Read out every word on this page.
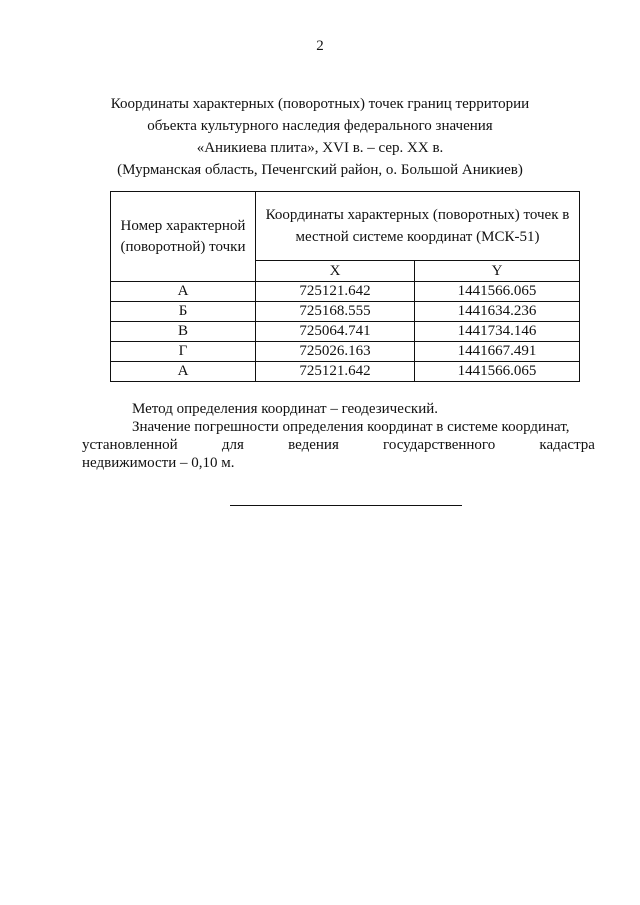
2
Координаты характерных (поворотных) точек границ территории
объекта культурного наследия федерального значения
«Аникиева плита», XVI в. – сер. XX в.
(Мурманская область, Печенгский район, о. Большой Аникиев)
Номер характерной (поворотной) точки	Координаты характерных (поворотных) точек в местной системе координат (МСК-51)	
	X	Y
А	725121.642	1441566.065
Б	725168.555	1441634.236
В	725064.741	1441734.146
Г	725026.163	1441667.491
А	725121.642	1441566.065

Метод определения координат – геодезический.

Значение погрешности определения координат в системе координат,

установленной	для	ведения	государственного	кадастра

недвижимости – 0,10 м.
